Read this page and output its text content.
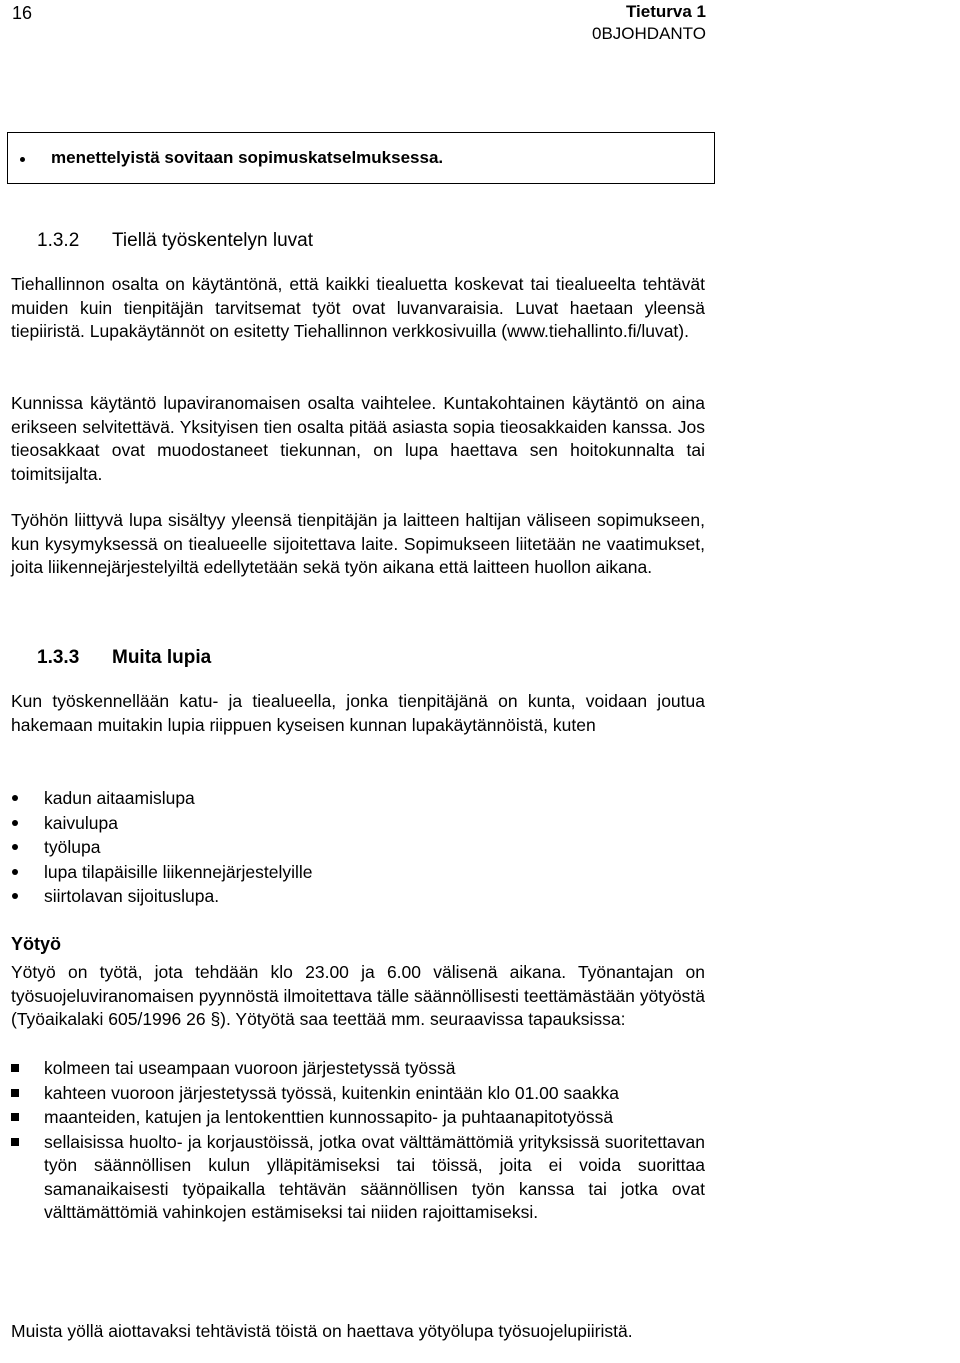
16	Tieturva 1
0BJOHDANTO
menettelyistä sovitaan sopimuskatselmuksessa.
1.3.2 Tiellä työskentelyn luvat
Tiehallinnon osalta on käytäntönä, että kaikki tiealuetta koskevat tai tiealueelta tehtävät muiden kuin tienpitäjän tarvitsemat työt ovat luvanvaraisia. Luvat haetaan yleensä tiepiiristä. Lupakäytännöt on esitetty Tiehallinnon verkkosivuilla (www.tiehallinto.fi/luvat).
Kunnissa käytäntö lupaviranomaisen osalta vaihtelee. Kuntakohtainen käytäntö on aina erikseen selvitettävä. Yksityisen tien osalta pitää asiasta sopia tieosakkaiden kanssa. Jos tieosakkaat ovat muodostaneet tiekunnan, on lupa haettava sen hoitokunnalta tai toimitsijalta.
Työhön liittyvä lupa sisältyy yleensä tienpitäjän ja laitteen haltijan väliseen sopimukseen, kun kysymyksessä on tiealueelle sijoitettava laite. Sopimukseen liitetään ne vaatimukset, joita liikennejärjestelyiltä edellytetään sekä työn aikana että laitteen huollon aikana.
1.3.3 Muita lupia
Kun työskennellään katu- ja tiealueella, jonka tienpitäjänä on kunta, voidaan joutua hakemaan muitakin lupia riippuen kyseisen kunnan lupakäytännöistä, kuten
kadun aitaamislupa
kaivulupa
työlupa
lupa tilapäisille liikennejärjestelyille
siirtolavan sijoituslupa.
Yötyö
Yötyö on työtä, jota tehdään klo 23.00 ja 6.00 välisenä aikana. Työnantajan on työsuojeluviranomaisen pyynnöstä ilmoitettava tälle säännöllisesti teettämästään yötyöstä (Työaikalaki 605/1996 26 §). Yötyötä saa teettää mm. seuraavissa tapauksissa:
kolmeen tai useampaan vuoroon järjestetyssä työssä
kahteen vuoroon järjestetyssä työssä, kuitenkin enintään klo 01.00 saakka
maanteiden, katujen ja lentokenttien kunnossapito- ja puhtaanapitotyössä
sellaisissa huolto- ja korjaustöissä, jotka ovat välttämättömiä yrityksissä suoritettavan työn säännöllisen kulun ylläpitämiseksi tai töissä, joita ei voida suorittaa samanaikaisesti työpaikalla tehtävän säännöllisen työn kanssa tai jotka ovat välttämättömiä vahinkojen estämiseksi tai niiden rajoittamiseksi.
Muista yöllä aiottavaksi tehtävistä töistä on haettava yötyölupa työsuojelupiiristä.
